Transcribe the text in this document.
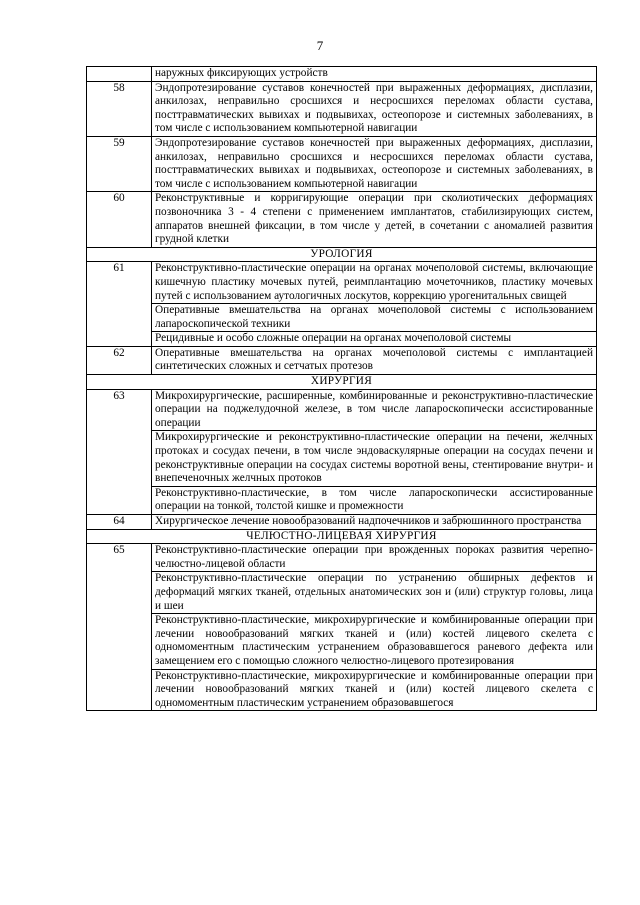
7
	наружных фиксирующих устройств
58	Эндопротезирование суставов конечностей при выраженных деформациях, дисплазии, анкилозах, неправильно сросшихся и несросшихся переломах области сустава, посттравматических вывихах и подвывихах, остеопорозе и системных заболеваниях, в том числе с использованием компьютерной навигации
59	Эндопротезирование суставов конечностей при выраженных деформациях, дисплазии, анкилозах, неправильно сросшихся и несросшихся переломах области сустава, посттравматических вывихах и подвывихах, остеопорозе и системных заболеваниях, в том числе с использованием компьютерной навигации
60	Реконструктивные и корригирующие операции при сколиотических деформациях позвоночника 3 - 4 степени с применением имплантатов, стабилизирующих систем, аппаратов внешней фиксации, в том числе у детей, в сочетании с аномалией развития грудной клетки
УРОЛОГИЯ	
61	Реконструктивно-пластические операции на органах мочеполовой системы, включающие кишечную пластику мочевых путей, реимплантацию мочеточников, пластику мочевых путей с использованием аутологичных лоскутов, коррекцию урогенитальных свищей
	Оперативные вмешательства на органах мочеполовой системы с использованием лапароскопической техники
	Рецидивные и особо сложные операции на органах мочеполовой системы
62	Оперативные вмешательства на органах мочеполовой системы с имплантацией синтетических сложных и сетчатых протезов
ХИРУРГИЯ	
63	Микрохирургические, расширенные, комбинированные и реконструктивно-пластические операции на поджелудочной железе, в том числе лапароскопически ассистированные операции
	Микрохирургические и реконструктивно-пластические операции на печени, желчных протоках и сосудах печени, в том числе эндоваскулярные операции на сосудах печени и реконструктивные операции на сосудах системы воротной вены, стентирование внутри- и внепеченочных желчных протоков
	Реконструктивно-пластические, в том числе лапароскопически ассистированные операции на тонкой, толстой кишке и промежности
64	Хирургическое лечение новообразований надпочечников и забрюшинного пространства
ЧЕЛЮСТНО-ЛИЦЕВАЯ ХИРУРГИЯ	
65	Реконструктивно-пластические операции при врожденных пороках развития черепно-челюстно-лицевой области
	Реконструктивно-пластические операции по устранению обширных дефектов и деформаций мягких тканей, отдельных анатомических зон и (или) структур головы, лица и шеи
	Реконструктивно-пластические, микрохирургические и комбинированные операции при лечении новообразований мягких тканей и (или) костей лицевого скелета с одномоментным пластическим устранением образовавшегося раневого дефекта или замещением его с помощью сложного челюстно-лицевого протезирования
	Реконструктивно-пластические, микрохирургические и комбинированные операции при лечении новообразований мягких тканей и (или) костей лицевого скелета с одномоментным пластическим устранением образовавшегося
